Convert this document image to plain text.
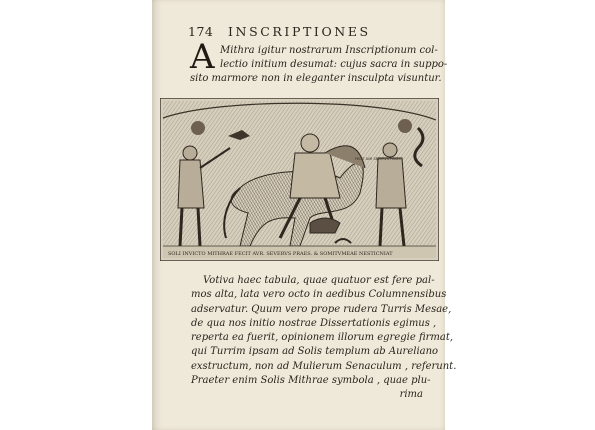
174 INSCRIPTIONES
A Mithra igitur nostrarum Inscriptionum col-
lectio initium desumat: cujus sacra in suppo-
sito marmore non in eleganter insculpta visuntur.
FECIT AVR SEVERVS PRAES
SOLI INVICTO MITHRAE FECIT AVR. SEVERVS PRAES. & SOMITVMEAE NESTICNIAT
Votiva haec tabula, quae quatuor est fere pal-
mos alta, lata vero octo in aedibus Columnensibus
adservatur. Quum vero prope rudera Turris Mesae,
de qua nos initio nostrae Dissertationis egimus ,
reperta ea fuerit, opinionem illorum egregie firmat,
qui Turrim ipsam ad Solis templum ab Aureliano
exstructum, non ad Mulierum Senaculum , referunt.
Praeter enim Solis Mithrae symbola , quae plu-
rima
